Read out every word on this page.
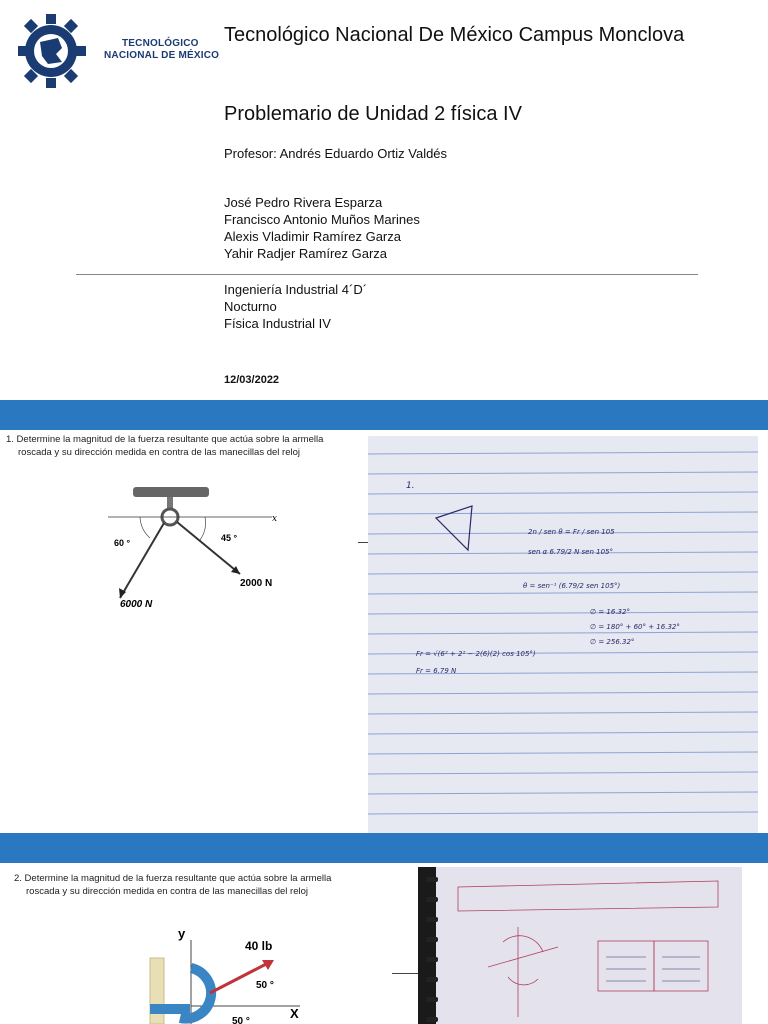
TECNOLÓGICO
NACIONAL DE MÉXICO
Tecnológico Nacional De México Campus Monclova
Problemario de Unidad 2 física IV
Profesor: Andrés Eduardo Ortiz Valdés
José Pedro Rivera Esparza
Francisco Antonio Muños Marines
Alexis Vladimir Ramírez Garza
Yahir Radjer Ramírez Garza
Ingeniería Industrial 4´D´
Nocturno
Física Industrial IV
12/03/2022
1. Determine la magnitud de la fuerza resultante que actúa sobre la armella
roscada y su dirección medida en contra de las manecillas del reloj
x
60 °	45 °
2000 N
6000 N
1.
2n / sen θ = Fr / sen 105
sen α 6.79/2 N sen 105°
θ = sen⁻¹ (6.79/2 sen 105°)
∅ = 16.32°
∅ = 180° + 60° + 16.32°
∅ = 256.32°
Fr = √(6² + 2² − 2(6)(2) cos 105°)
Fr = 6.79 N
2. Determine la magnitud de la fuerza resultante que actúa sobre la armella
roscada y su dirección medida en contra de las manecillas del reloj
y
X
40 lb
50 °
50 °
